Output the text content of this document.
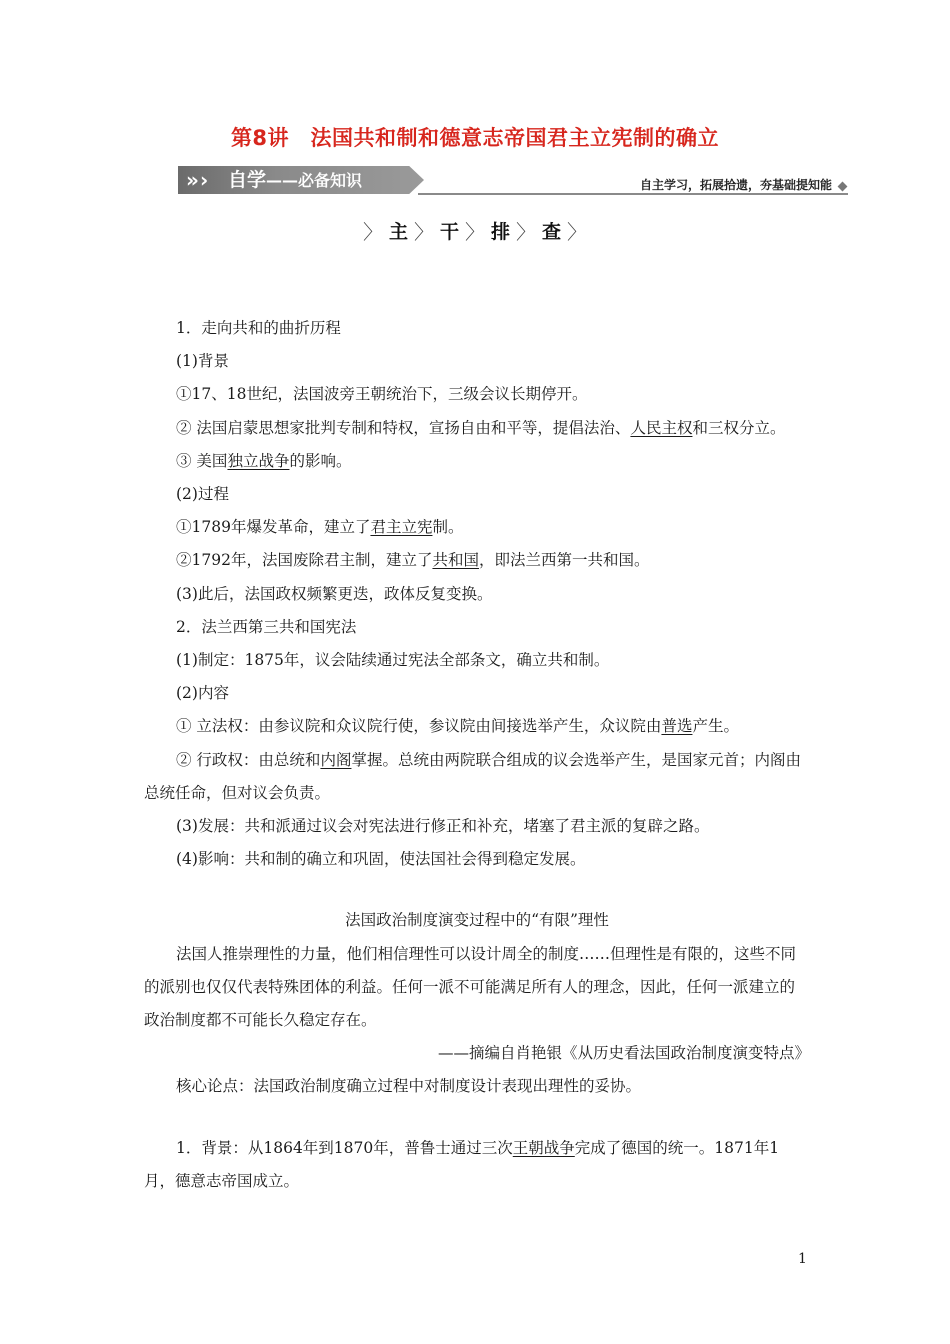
第8讲　法国共和制和德意志帝国君主立宪制的确立
» › 自学——必备知识	自主学习，拓展拾遗，夯基础提知能
〉 主 〉 干 〉 排 〉 查 〉
1．走向共和的曲折历程
(1)背景
①17、18世纪，法国波旁王朝统治下，三级会议长期停开。
② 法国启蒙思想家批判专制和特权，宣扬自由和平等，提倡法治、人民主权和三权分立。
③ 美国独立战争的影响。
(2)过程
①1789年爆发革命，建立了君主立宪制。
②1792年，法国废除君主制，建立了共和国，即法兰西第一共和国。
(3)此后，法国政权频繁更迭，政体反复变换。
2．法兰西第三共和国宪法
(1)制定：1875年，议会陆续通过宪法全部条文，确立共和制。
(2)内容
① 立法权：由参议院和众议院行使，参议院由间接选举产生，众议院由普选产生。
② 行政权：由总统和内阁掌握。总统由两院联合组成的议会选举产生，是国家元首；内阁由总统任命，但对议会负责。
(3)发展：共和派通过议会对宪法进行修正和补充，堵塞了君主派的复辟之路。
(4)影响：共和制的确立和巩固，使法国社会得到稳定发展。
法国政治制度演变过程中的“有限”理性
法国人推崇理性的力量，他们相信理性可以设计周全的制度……但理性是有限的，这些不同的派别也仅仅代表特殊团体的利益。任何一派不可能满足所有人的理念，因此，任何一派建立的政治制度都不可能长久稳定存在。
——摘编自肖艳银《从历史看法国政治制度演变特点》
核心论点：法国政治制度确立过程中对制度设计表现出理性的妥协。
1．背景：从1864年到1870年，普鲁士通过三次王朝战争完成了德国的统一。1871年1月，德意志帝国成立。
1
